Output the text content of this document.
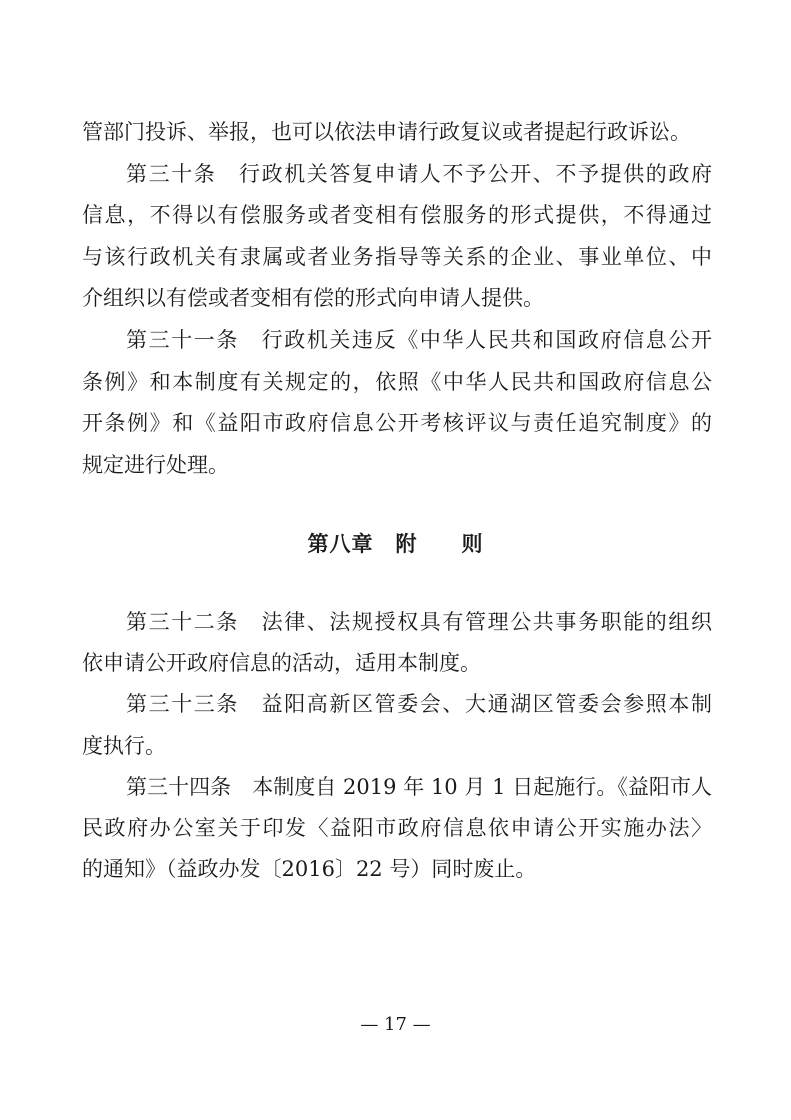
管部门投诉、举报，也可以依法申请行政复议或者提起行政诉讼。
第三十条　行政机关答复申请人不予公开、不予提供的政府
信息，不得以有偿服务或者变相有偿服务的形式提供，不得通过
与该行政机关有隶属或者业务指导等关系的企业、事业单位、中
介组织以有偿或者变相有偿的形式向申请人提供。
第三十一条　行政机关违反《中华人民共和国政府信息公开
条例》和本制度有关规定的，依照《中华人民共和国政府信息公
开条例》和《益阳市政府信息公开考核评议与责任追究制度》的
规定进行处理。
第八章　附　　则
第三十二条　法律、法规授权具有管理公共事务职能的组织
依申请公开政府信息的活动，适用本制度。
第三十三条　益阳高新区管委会、大通湖区管委会参照本制
度执行。
第三十四条　本制度自 2019 年 10 月 1 日起施行。《益阳市人
民政府办公室关于印发〈益阳市政府信息依申请公开实施办法〉
的通知》（益政办发〔2016〕22 号）同时废止。
— 17 —
